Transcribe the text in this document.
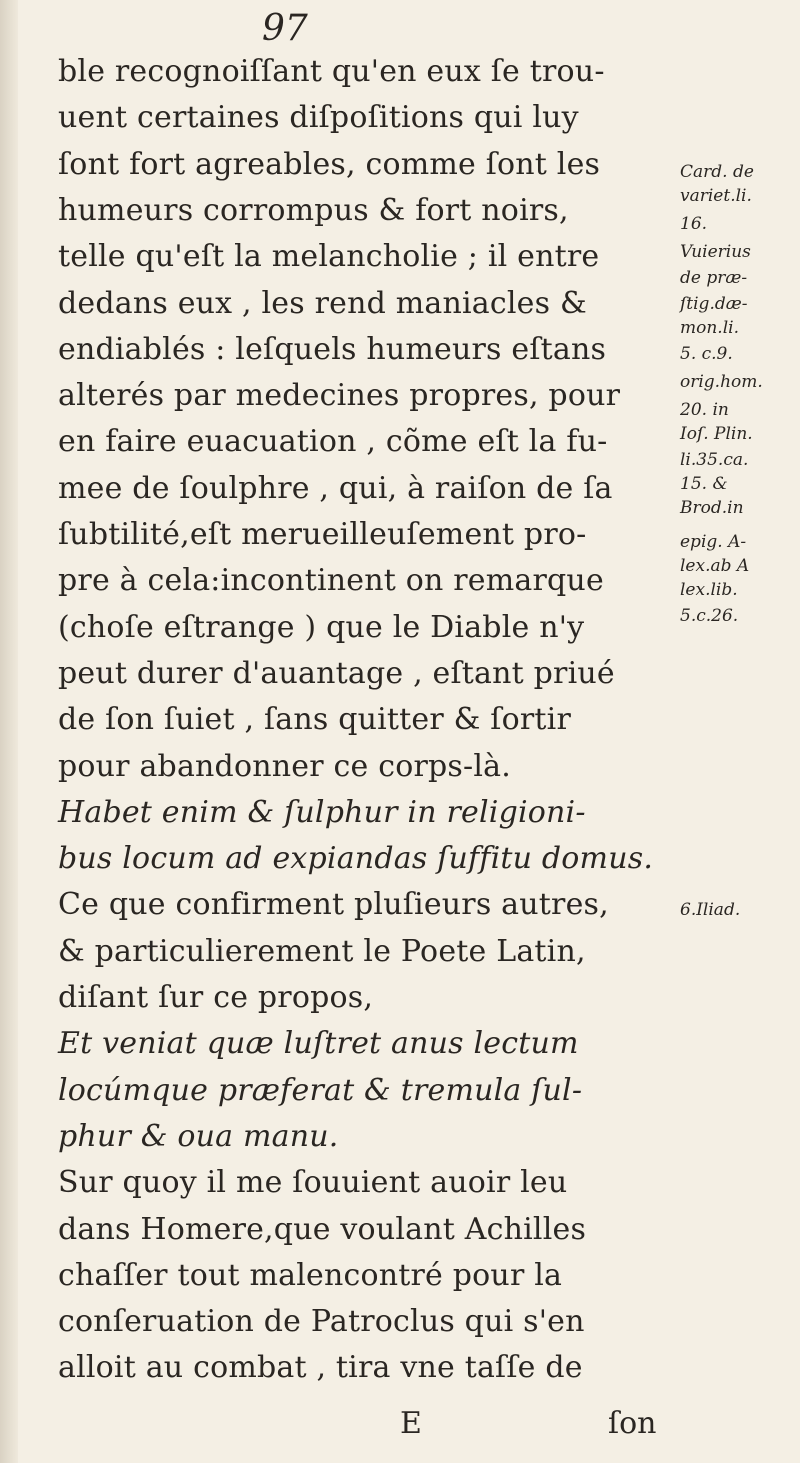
97
ble recognoiſſant qu'en eux ſe trou-
uent certaines diſpoſitions qui luy
ſont fort agreables, comme ſont les
humeurs corrompus & fort noirs,
telle qu'eſt la melancholie ; il entre
dedans eux , les rend maniacles &
endiablés : leſquels humeurs eſtans
alterés par medecines propres, pour
en faire euacuation , cõme eſt la fu-
mee de ſoulphre , qui, à raiſon de ſa
ſubtilité,eſt merueilleuſement pro-
pre à cela:incontinent on remarque
(choſe eſtrange ) que le Diable n'y
peut durer d'auantage , eſtant priué
de ſon ſuiet , ſans quitter & ſortir
pour abandonner ce corps-là.
Habet enim & ſulphur in religioni-
bus locum ad expiandas ſuffitu domus.
Ce que confirment pluſieurs autres,
& particulierement le Poete Latin,
diſant ſur ce propos,
Et veniat quæ luſtret anus lectum
locúmque præferat & tremula ſul-
phur & oua manu.
Sur quoy il me ſouuient auoir leu
dans Homere,que voulant Achilles
chaſſer tout malencontré pour la
conſeruation de Patroclus qui s'en
alloit au combat , tira vne taſſe de
Card. de
variet.li.
16.
Vuierius
de præ-
ſtig.dæ-
mon.li.
5. c.9.
orig.hom.
20. in
Ioſ. Plin.
li.35.ca.
15. &
Brod.in
epig. A-
lex.ab A
lex.lib.
5.c.26.
6.Iliad.
E	ſon
